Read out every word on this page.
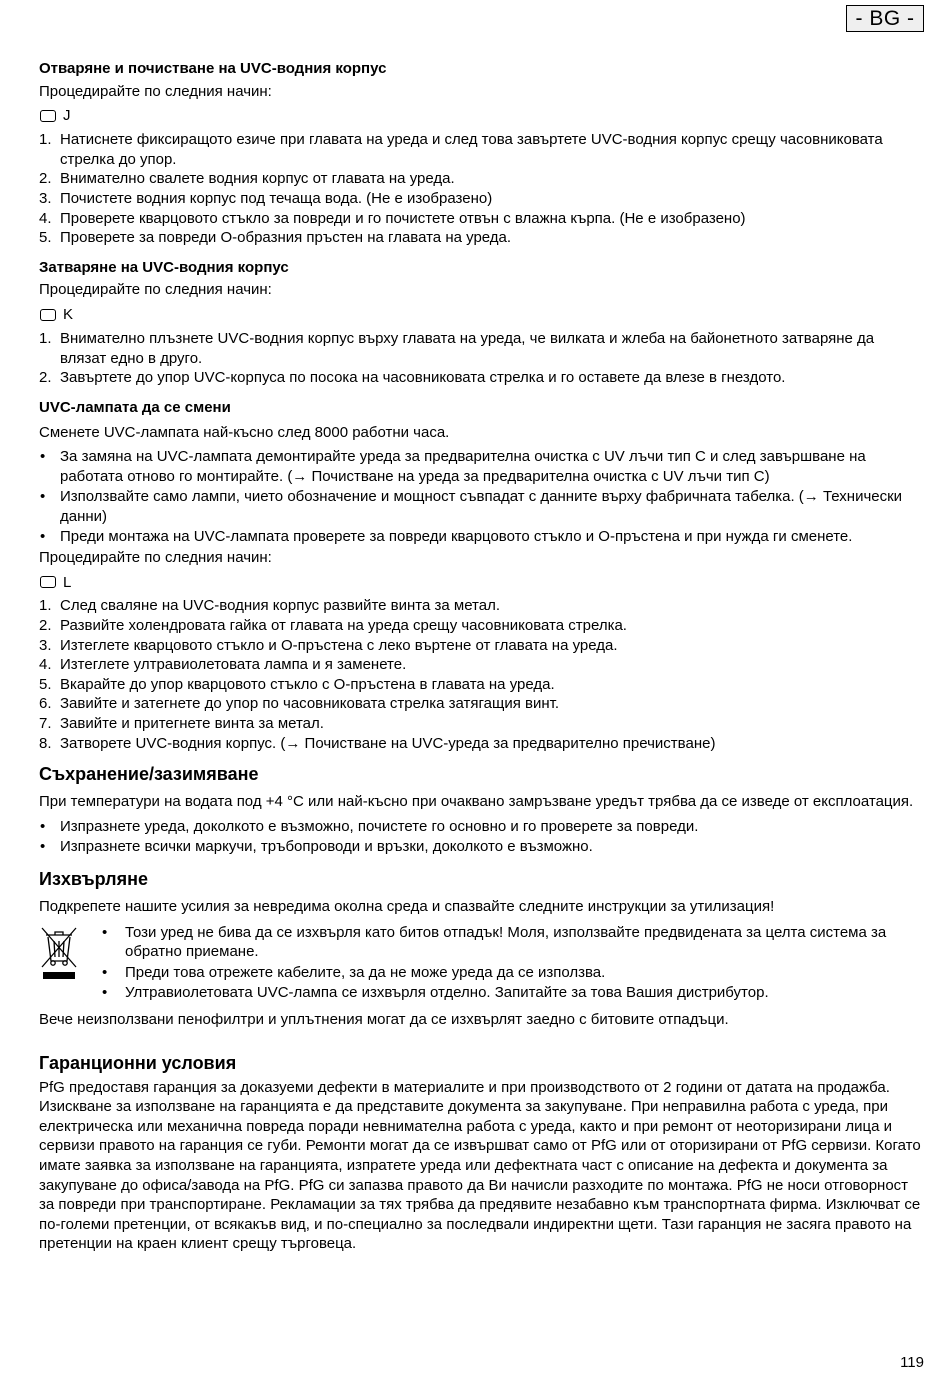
- BG -
Отваряне и почистване на UVC-водния корпус

Процедирайте по следния начин:

J
1. Натиснете фиксиращото езиче при главата на уреда и след това завъртете UVC-водния корпус срещу часовниковата стрелка до упор.
2. Внимателно свалете водния корпус от главата на уреда.
3. Почистете водния корпус под течаща вода. (Не е изобразено)
4. Проверете кварцовото стъкло за повреди и го почистете отвън с влажна кърпа. (Не е изобразено)
5. Проверете за повреди О-образния пръстен на главата на уреда.
Затваряне на UVC-водния корпус

Процедирайте по следния начин:

K
1. Внимателно плъзнете UVC-водния корпус върху главата на уреда, че вилката и жлеба на байонетното затваряне да влязат едно в друго.
2. Завъртете до упор UVC-корпуса по посока на часовниковата стрелка и го оставете да влезе в гнездото.
UVC-лампата да се смени

Сменете UVC-лампата най-късно след 8000 работни часа.

• За замяна на UVC-лампата демонтирайте уреда за предварителна очистка с UV лъчи тип C и след завършване на работата отново го монтирайте. (→ Почистване на уреда за предварителна очистка с UV лъчи тип C)
• Използвайте само лампи, чието обозначение и мощност съвпадат с данните върху фабричната табелка. (→ Технически данни)
• Преди монтажа на UVC-лампата проверете за повреди кварцовото стъкло и О-пръстена и при нужда ги сменете.

Процедирайте по следния начин:

L
1. След сваляне на UVC-водния корпус развийте винта за метал.
2. Развийте холендровата гайка от главата на уреда срещу часовниковата стрелка.
3. Изтеглете кварцовото стъкло и О-пръстена с леко въртене от главата на уреда.
4. Изтеглете ултравиолетовата лампа и я заменете.
5. Вкарайте до упор кварцовото стъкло с О-пръстена в главата на уреда.
6. Завийте и затегнете до упор по часовниковата стрелка затягащия винт.
7. Завийте и притегнете винта за метал.
8. Затворете UVC-водния корпус. (→ Почистване на UVC-уреда за предварително пречистване)
Съхранение/зазимяване

При температури на водата под +4 °C или най-късно при очаквано замръзване уредът трябва да се изведе от експлоатация.

• Изпразнете уреда, доколкото е възможно, почистете го основно и го проверете за повреди.
• Изпразнете всички маркучи, тръбопроводи и връзки, доколкото е възможно.
Изхвърляне

Подкрепете нашите усилия за невредима околна среда и спазвайте следните инструкции за утилизация!

• Този уред не бива да се изхвърля като битов отпадък! Моля, използвайте предвидената за целта система за обратно приемане.
• Преди това отрежете кабелите, за да не може уреда да се използва.
• Ултравиолетовата UVC-лампа се изхвърля отделно. Запитайте за това Вашия дистрибутор.

Вече неизползвани пенофилтри и уплътнения могат да се изхвърлят заедно с битовите отпадъци.

Гаранционни условия

PfG предоставя гаранция за доказуеми дефекти в материалите и при производството от 2 години от датата на продажба. Изискване за използване на гаранцията е да представите документа за закупуване. При неправилна работа с уреда, при електрическа или механична повреда поради невнимателна работа с уреда, както и при ремонт от неоторизирани лица и сервизи правото на гаранция се губи. Ремонти могат да се извършват само от PfG или от оторизирани от PfG сервизи. Когато имате заявка за използване на гаранцията, изпратете уреда или дефектната част с описание на дефекта и документа за закупуване до офиса/завода на PfG. PfG си запазва правото да Ви начисли разходите по монтажа. PfG не носи отговорност за повреди при транспортиране. Рекламации за тях трябва да предявите незабавно към транспортната фирма. Изключват се по-големи претенции, от всякакъв вид, и по-специално за последвали индиректни щети. Тази гаранция не засяга правото на претенции на краен клиент срещу търговеца.

119
